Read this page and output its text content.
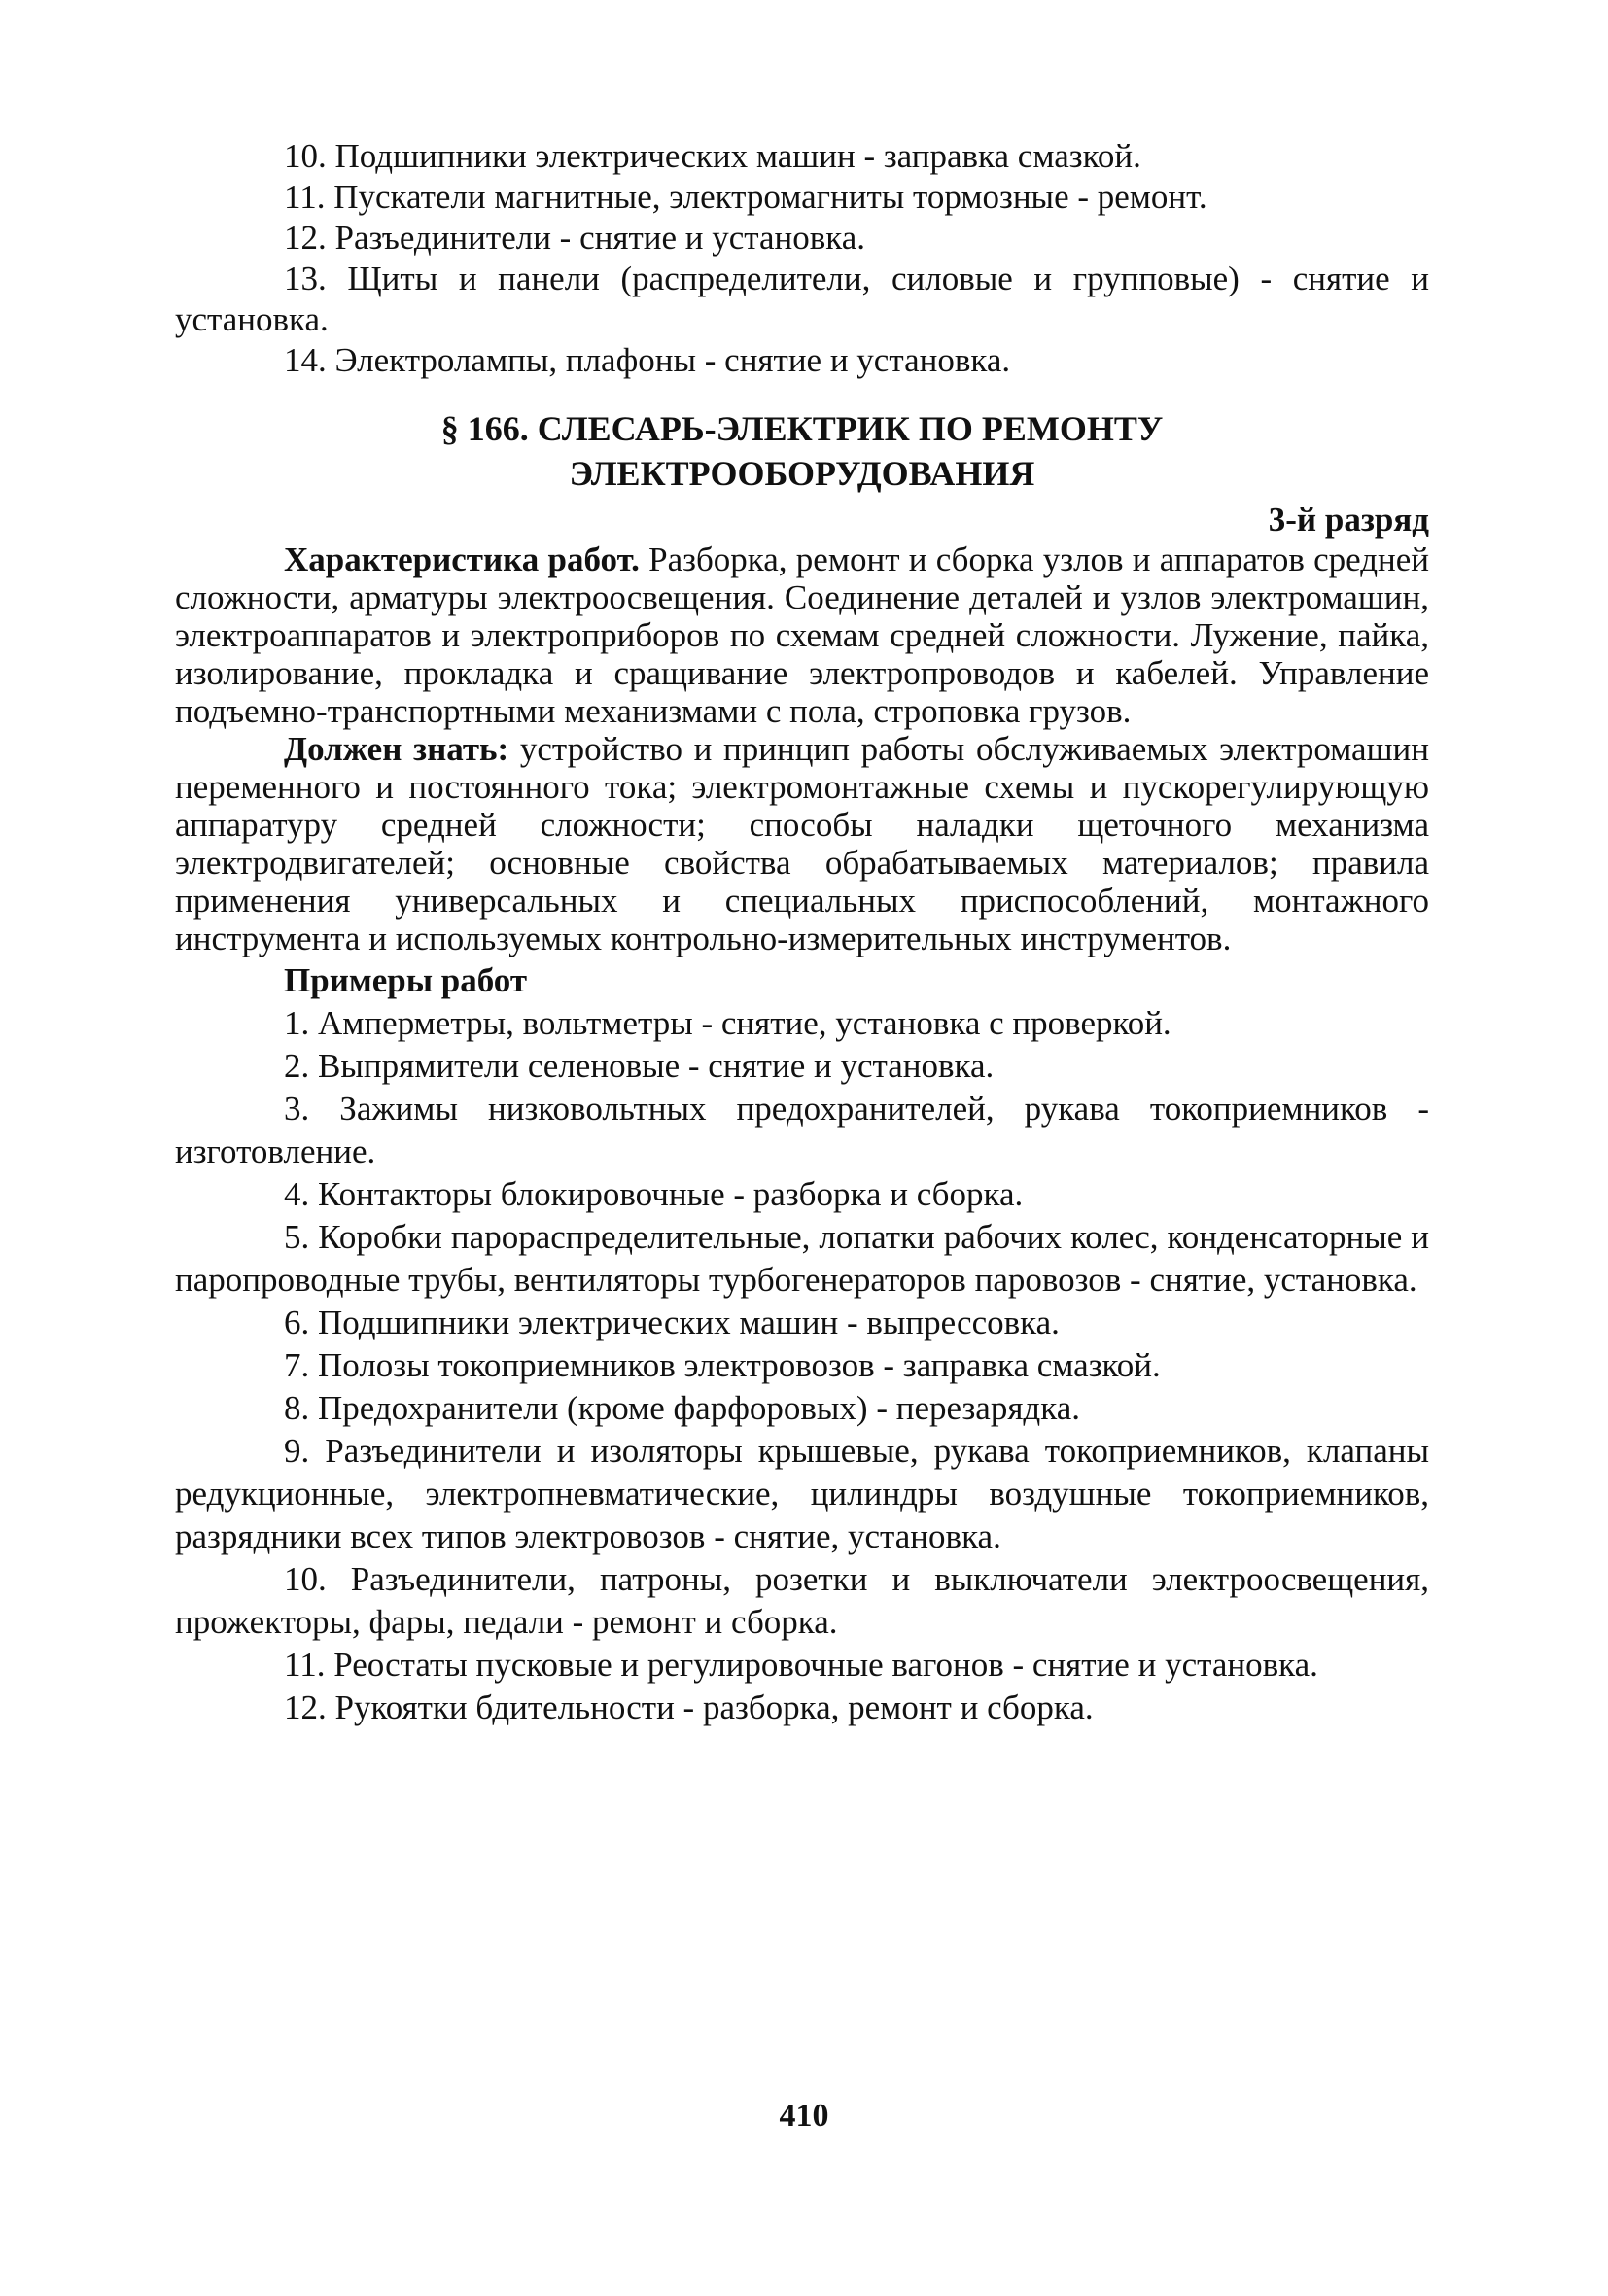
10. Подшипники электрических машин - заправка смазкой.

11. Пускатели магнитные, электромагниты тормозные - ремонт.

12. Разъединители - снятие и установка.

13. Щиты и панели (распределители, силовые и групповые) - снятие и установка.

14. Электролампы, плафоны - снятие и установка.

§ 166. СЛЕСАРЬ-ЭЛЕКТРИК ПО РЕМОНТУ
ЭЛЕКТРООБОРУДОВАНИЯ

3-й разряд

Характеристика работ. Разборка, ремонт и сборка узлов и аппаратов средней сложности, арматуры электроосвещения. Соединение деталей и узлов электромашин, электроаппаратов и электроприборов по схемам средней сложности. Лужение, пайка, изолирование, прокладка и сращивание электропроводов и кабелей. Управление подъемно-транспортными механизмами с пола, строповка грузов.

Должен знать: устройство и принцип работы обслуживаемых электромашин переменного и постоянного тока; электромонтажные схемы и пускорегулирующую аппаратуру средней сложности; способы наладки щеточного механизма электродвигателей; основные свойства обрабатываемых материалов; правила применения универсальных и специальных приспособлений, монтажного инструмента и используемых контрольно-измерительных инструментов.

Примеры работ

1. Амперметры, вольтметры - снятие, установка с проверкой.

2. Выпрямители селеновые - снятие и установка.

3. Зажимы низковольтных предохранителей, рукава токоприемников - изготовление.

4. Контакторы блокировочные - разборка и сборка.

5. Коробки парораспределительные, лопатки рабочих колес, конденсаторные и паропроводные трубы, вентиляторы турбогенераторов паровозов - снятие, установка.

6. Подшипники электрических машин - выпрессовка.

7. Полозы токоприемников электровозов - заправка смазкой.

8. Предохранители (кроме фарфоровых) - перезарядка.

9. Разъединители и изоляторы крышевые, рукава токоприемников, клапаны редукционные, электропневматические, цилиндры воздушные токоприемников, разрядники всех типов электровозов - снятие, установка.

10. Разъединители, патроны, розетки и выключатели электроосвещения, прожекторы, фары, педали - ремонт и сборка.

11. Реостаты пусковые и регулировочные вагонов - снятие и установка.

12. Рукоятки бдительности - разборка, ремонт и сборка.

410
